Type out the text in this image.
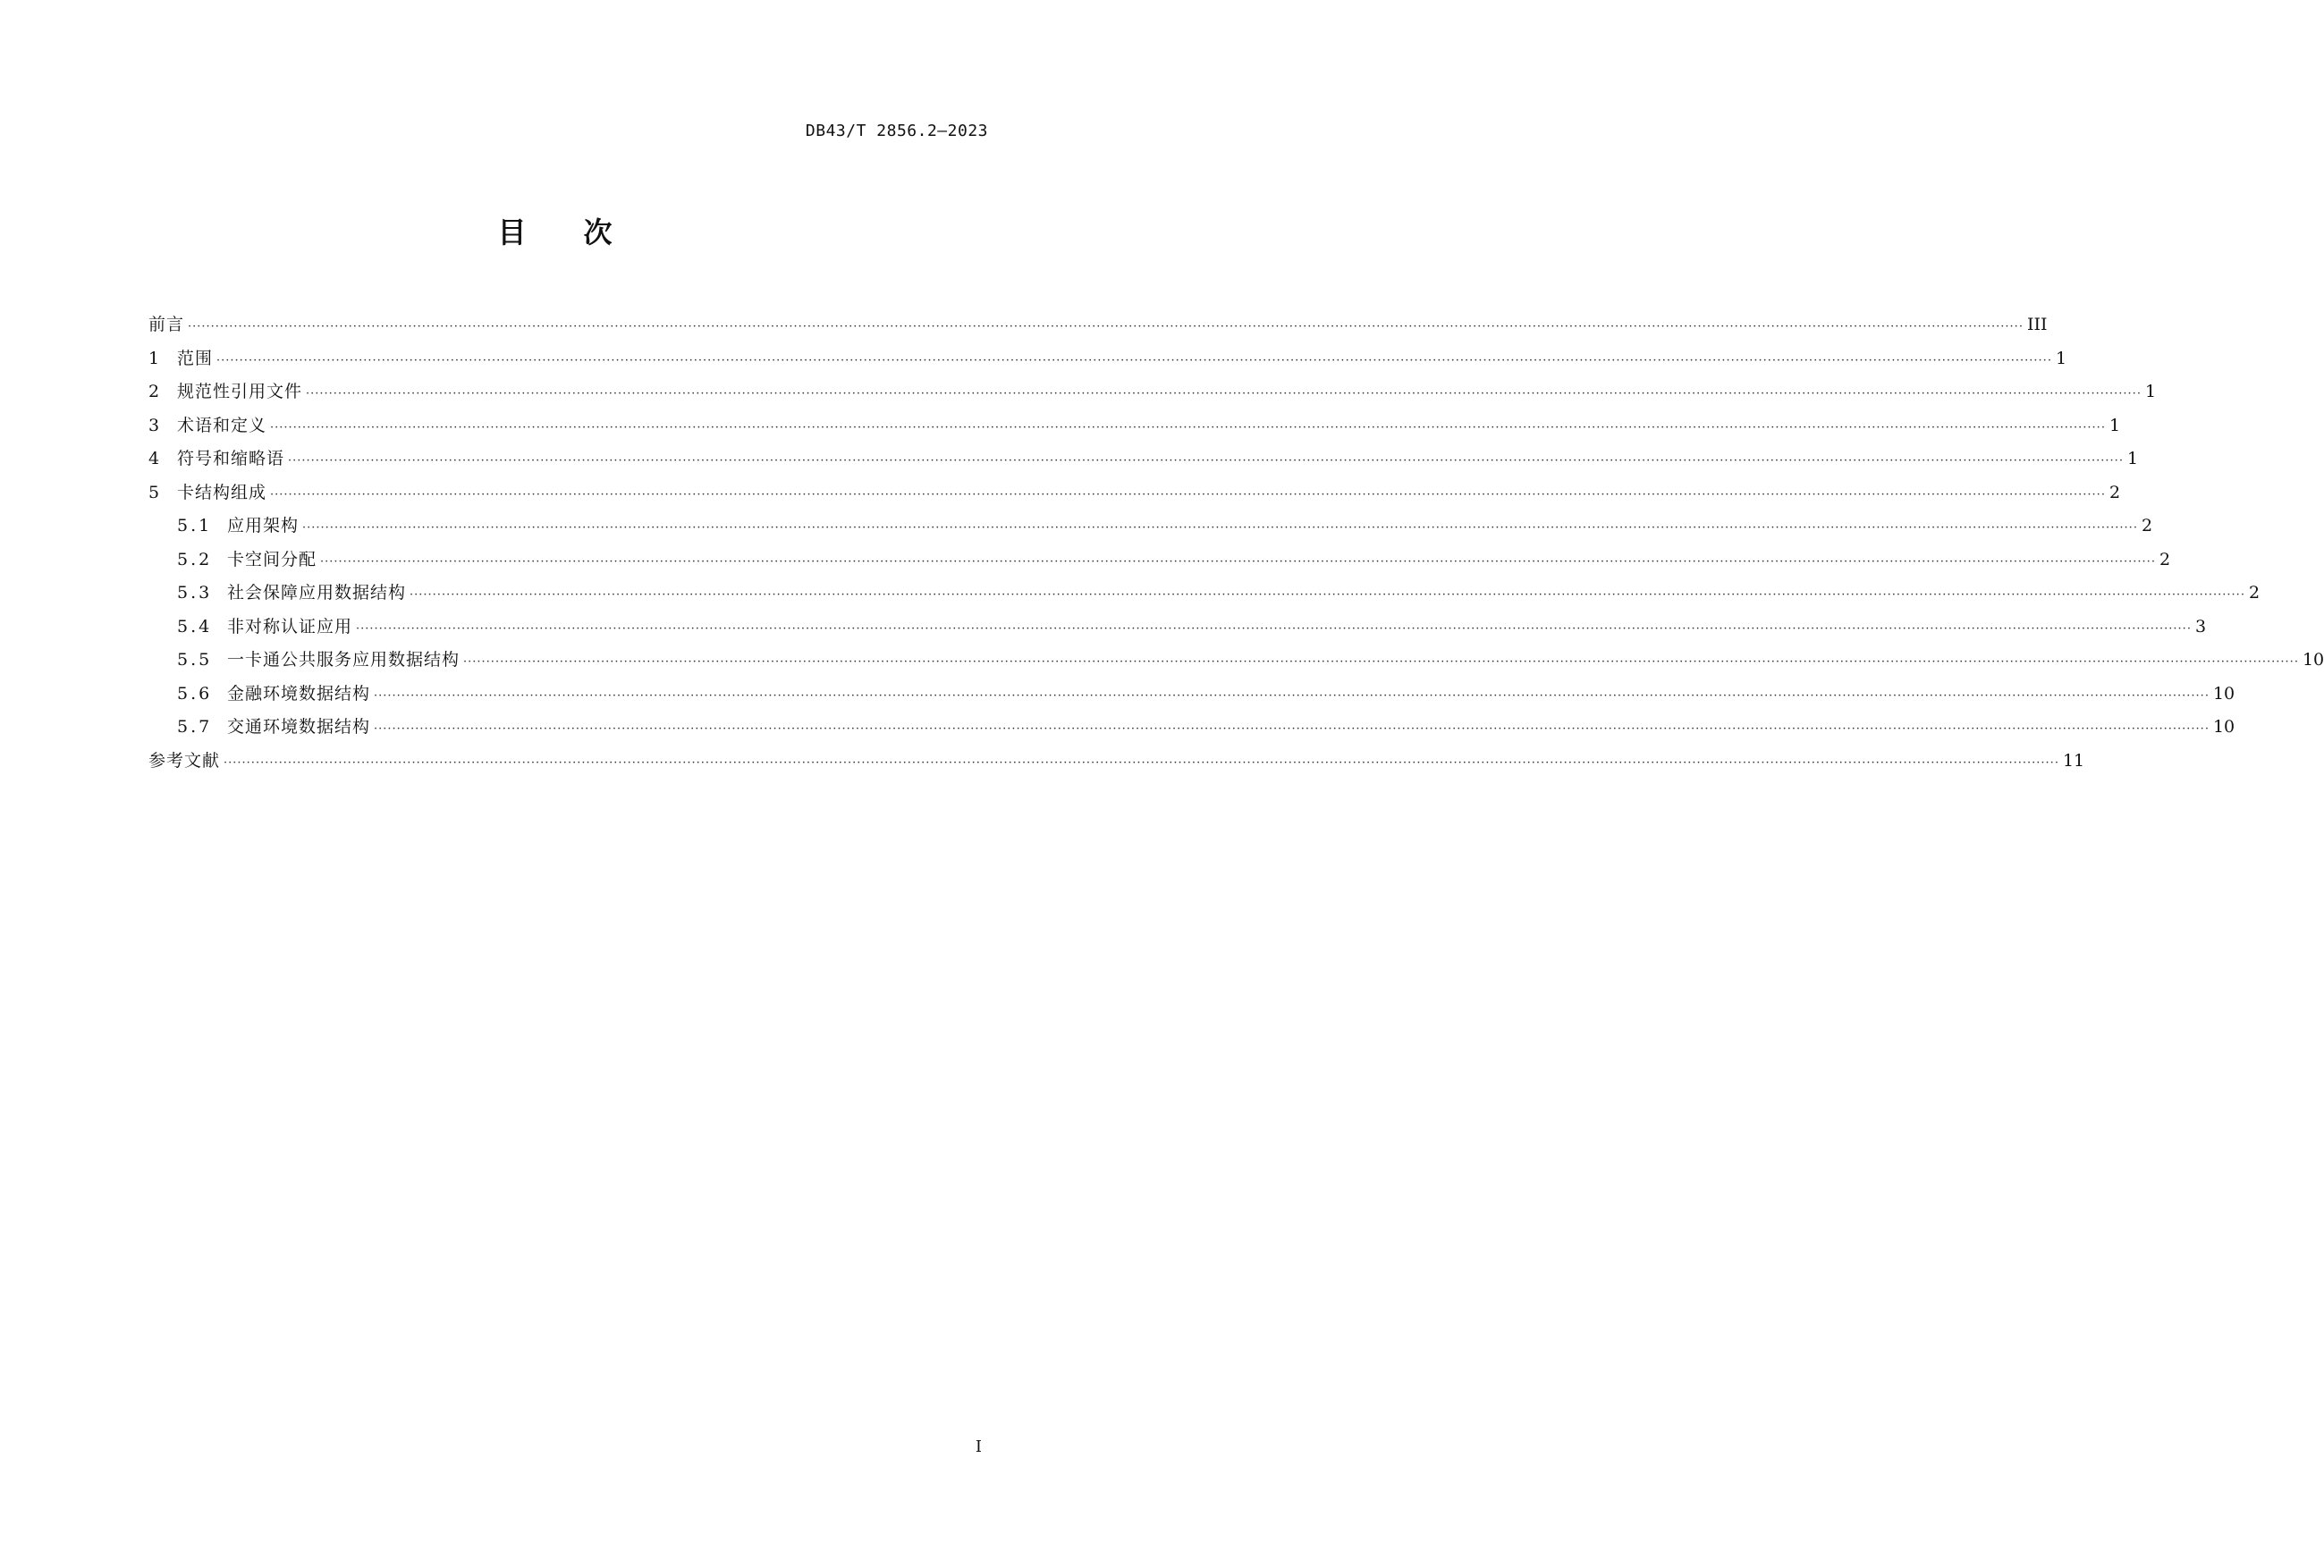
DB43/T 2856.2—2023
目 次
前言 ················································································································································································································································································································································································································ III
1	范围 ················································································································································································································································································································································································································ 1
2	规范性引用文件 ················································································································································································································································································································································································································ 1
3	术语和定义 ················································································································································································································································································································································································································ 1
4	符号和缩略语 ················································································································································································································································································································································································································ 1
5	卡结构组成 ················································································································································································································································································································································································································ 2
5.1 应用架构 ················································································································································································································································································································································································································ 2
5.2 卡空间分配 ················································································································································································································································································································································································································ 2
5.3 社会保障应用数据结构 ················································································································································································································································································································································································································ 2
5.4 非对称认证应用 ················································································································································································································································································································································································································ 3
5.5 一卡通公共服务应用数据结构 ················································································································································································································································································································································································································ 10
5.6 金融环境数据结构 ················································································································································································································································································································································································································ 10
5.7 交通环境数据结构 ················································································································································································································································································································································································································ 10
参考文献 ················································································································································································································································································································································································································ 11
I
